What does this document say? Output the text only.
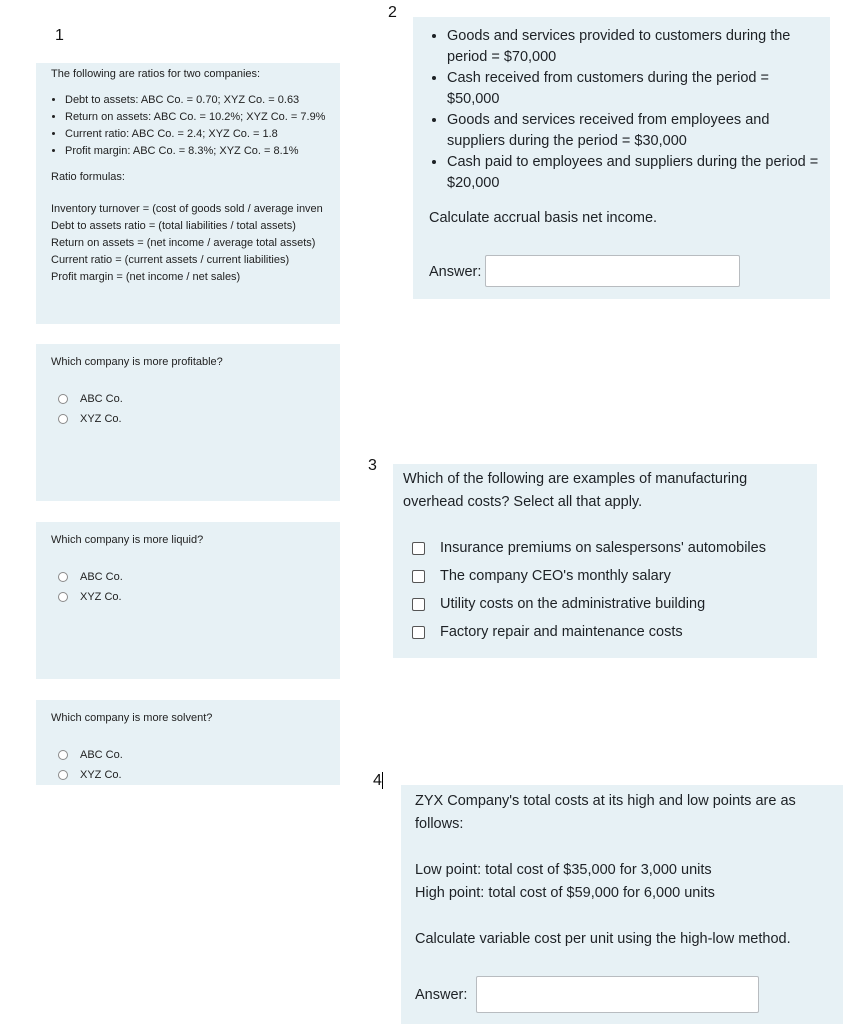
1
The following are ratios for two companies:
• Debt to assets: ABC Co. = 0.70; XYZ Co. = 0.63
• Return on assets: ABC Co. = 10.2%; XYZ Co. = 7.9%
• Current ratio: ABC Co. = 2.4; XYZ Co. = 1.8
• Profit margin: ABC Co. = 8.3%; XYZ Co. = 8.1%
Ratio formulas:
Inventory turnover = (cost of goods sold / average inven
Debt to assets ratio = (total liabilities / total assets)
Return on assets = (net income / average total assets)
Current ratio = (current assets / current liabilities)
Profit margin = (net income / net sales)
Which company is more profitable?
ABC Co.
XYZ Co.
Which company is more liquid?
ABC Co.
XYZ Co.
Which company is more solvent?
ABC Co.
XYZ Co.
2
• Goods and services provided to customers during the
period = $70,000
• Cash received from customers during the period =
$50,000
• Goods and services received from employees and
suppliers during the period = $30,000
• Cash paid to employees and suppliers during the period =
$20,000
Calculate accrual basis net income.
Answer:
3
Which of the following are examples of manufacturing
overhead costs? Select all that apply.
Insurance premiums on salespersons' automobiles
The company CEO's monthly salary
Utility costs on the administrative building
Factory repair and maintenance costs
4
ZYX Company's total costs at its high and low points are as
follows:
Low point: total cost of $35,000 for 3,000 units
High point: total cost of $59,000 for 6,000 units
Calculate variable cost per unit using the high-low method.
Answer:
